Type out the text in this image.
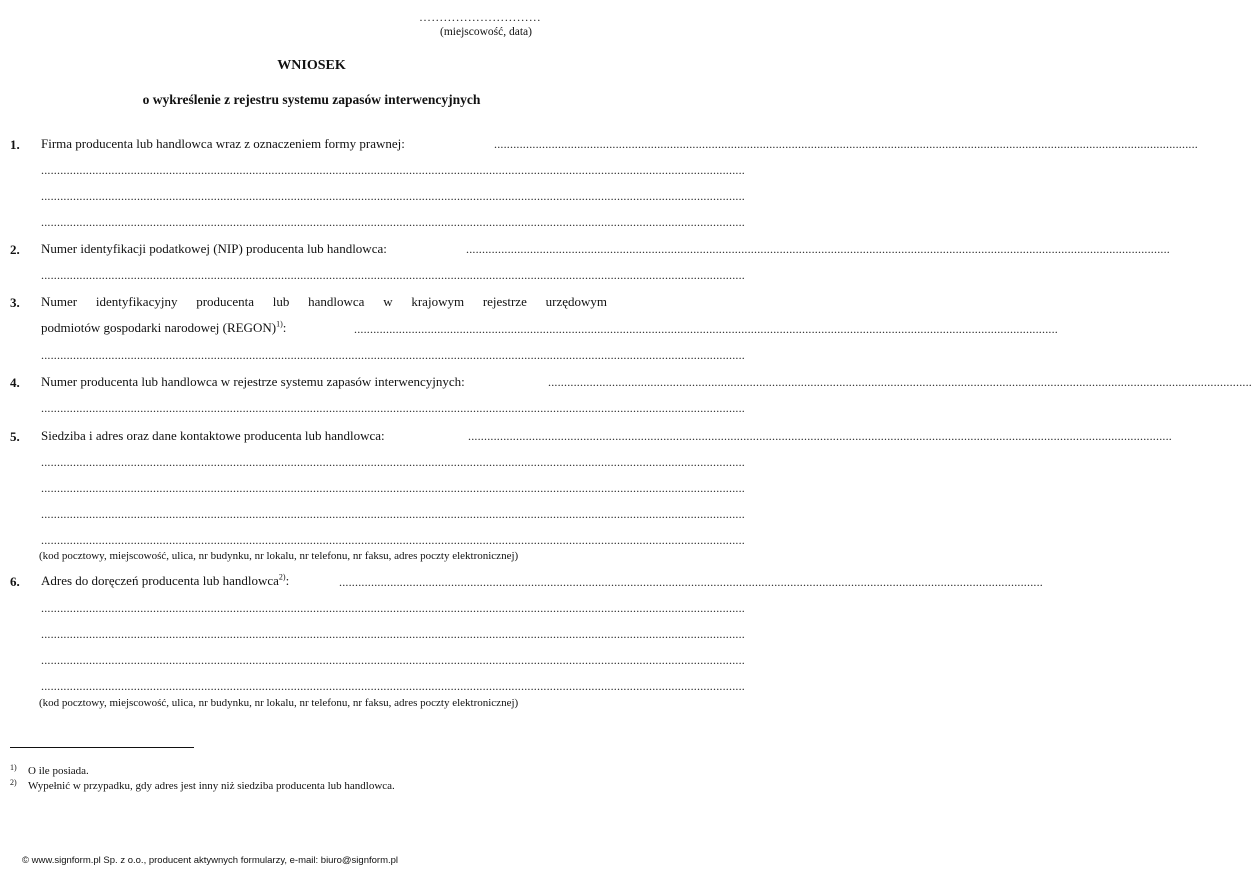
…………………………
(miejscowość, data)
WNIOSEK
o wykreślenie z rejestru systemu zapasów interwencyjnych
1. Firma producenta lub handlowca wraz z oznaczeniem formy prawnej:	............................................................................................................................................................................................................................
............................................................................................................................................................................................................................
............................................................................................................................................................................................................................
............................................................................................................................................................................................................................
2. Numer identyfikacji podatkowej (NIP) producenta lub handlowca:	............................................................................................................................................................................................................................
............................................................................................................................................................................................................................
3. Numer identyfikacyjny producenta lub handlowca w krajowym rejestrze urzędowym
podmiotów gospodarki narodowej (REGON)$^{1)}$:	............................................................................................................................................................................................................................
............................................................................................................................................................................................................................
4. Numer producenta lub handlowca w rejestrze systemu zapasów interwencyjnych:	............................................................................................................................................................................................................................
............................................................................................................................................................................................................................
5. Siedziba i adres oraz dane kontaktowe producenta lub handlowca:	............................................................................................................................................................................................................................
............................................................................................................................................................................................................................
............................................................................................................................................................................................................................
............................................................................................................................................................................................................................
............................................................................................................................................................................................................................
(kod pocztowy, miejscowość, ulica, nr budynku, nr lokalu, nr telefonu, nr faksu, adres poczty elektronicznej)
6. Adres do doręczeń producenta lub handlowca$^{2)}$:	............................................................................................................................................................................................................................
............................................................................................................................................................................................................................
............................................................................................................................................................................................................................
............................................................................................................................................................................................................................
............................................................................................................................................................................................................................
(kod pocztowy, miejscowość, ulica, nr budynku, nr lokalu, nr telefonu, nr faksu, adres poczty elektronicznej)
1) O ile posiada.
2) Wypełnić w przypadku, gdy adres jest inny niż siedziba producenta lub handlowca.
© www.signform.pl Sp. z o.o., producent aktywnych formularzy, e-mail: biuro@signform.pl
